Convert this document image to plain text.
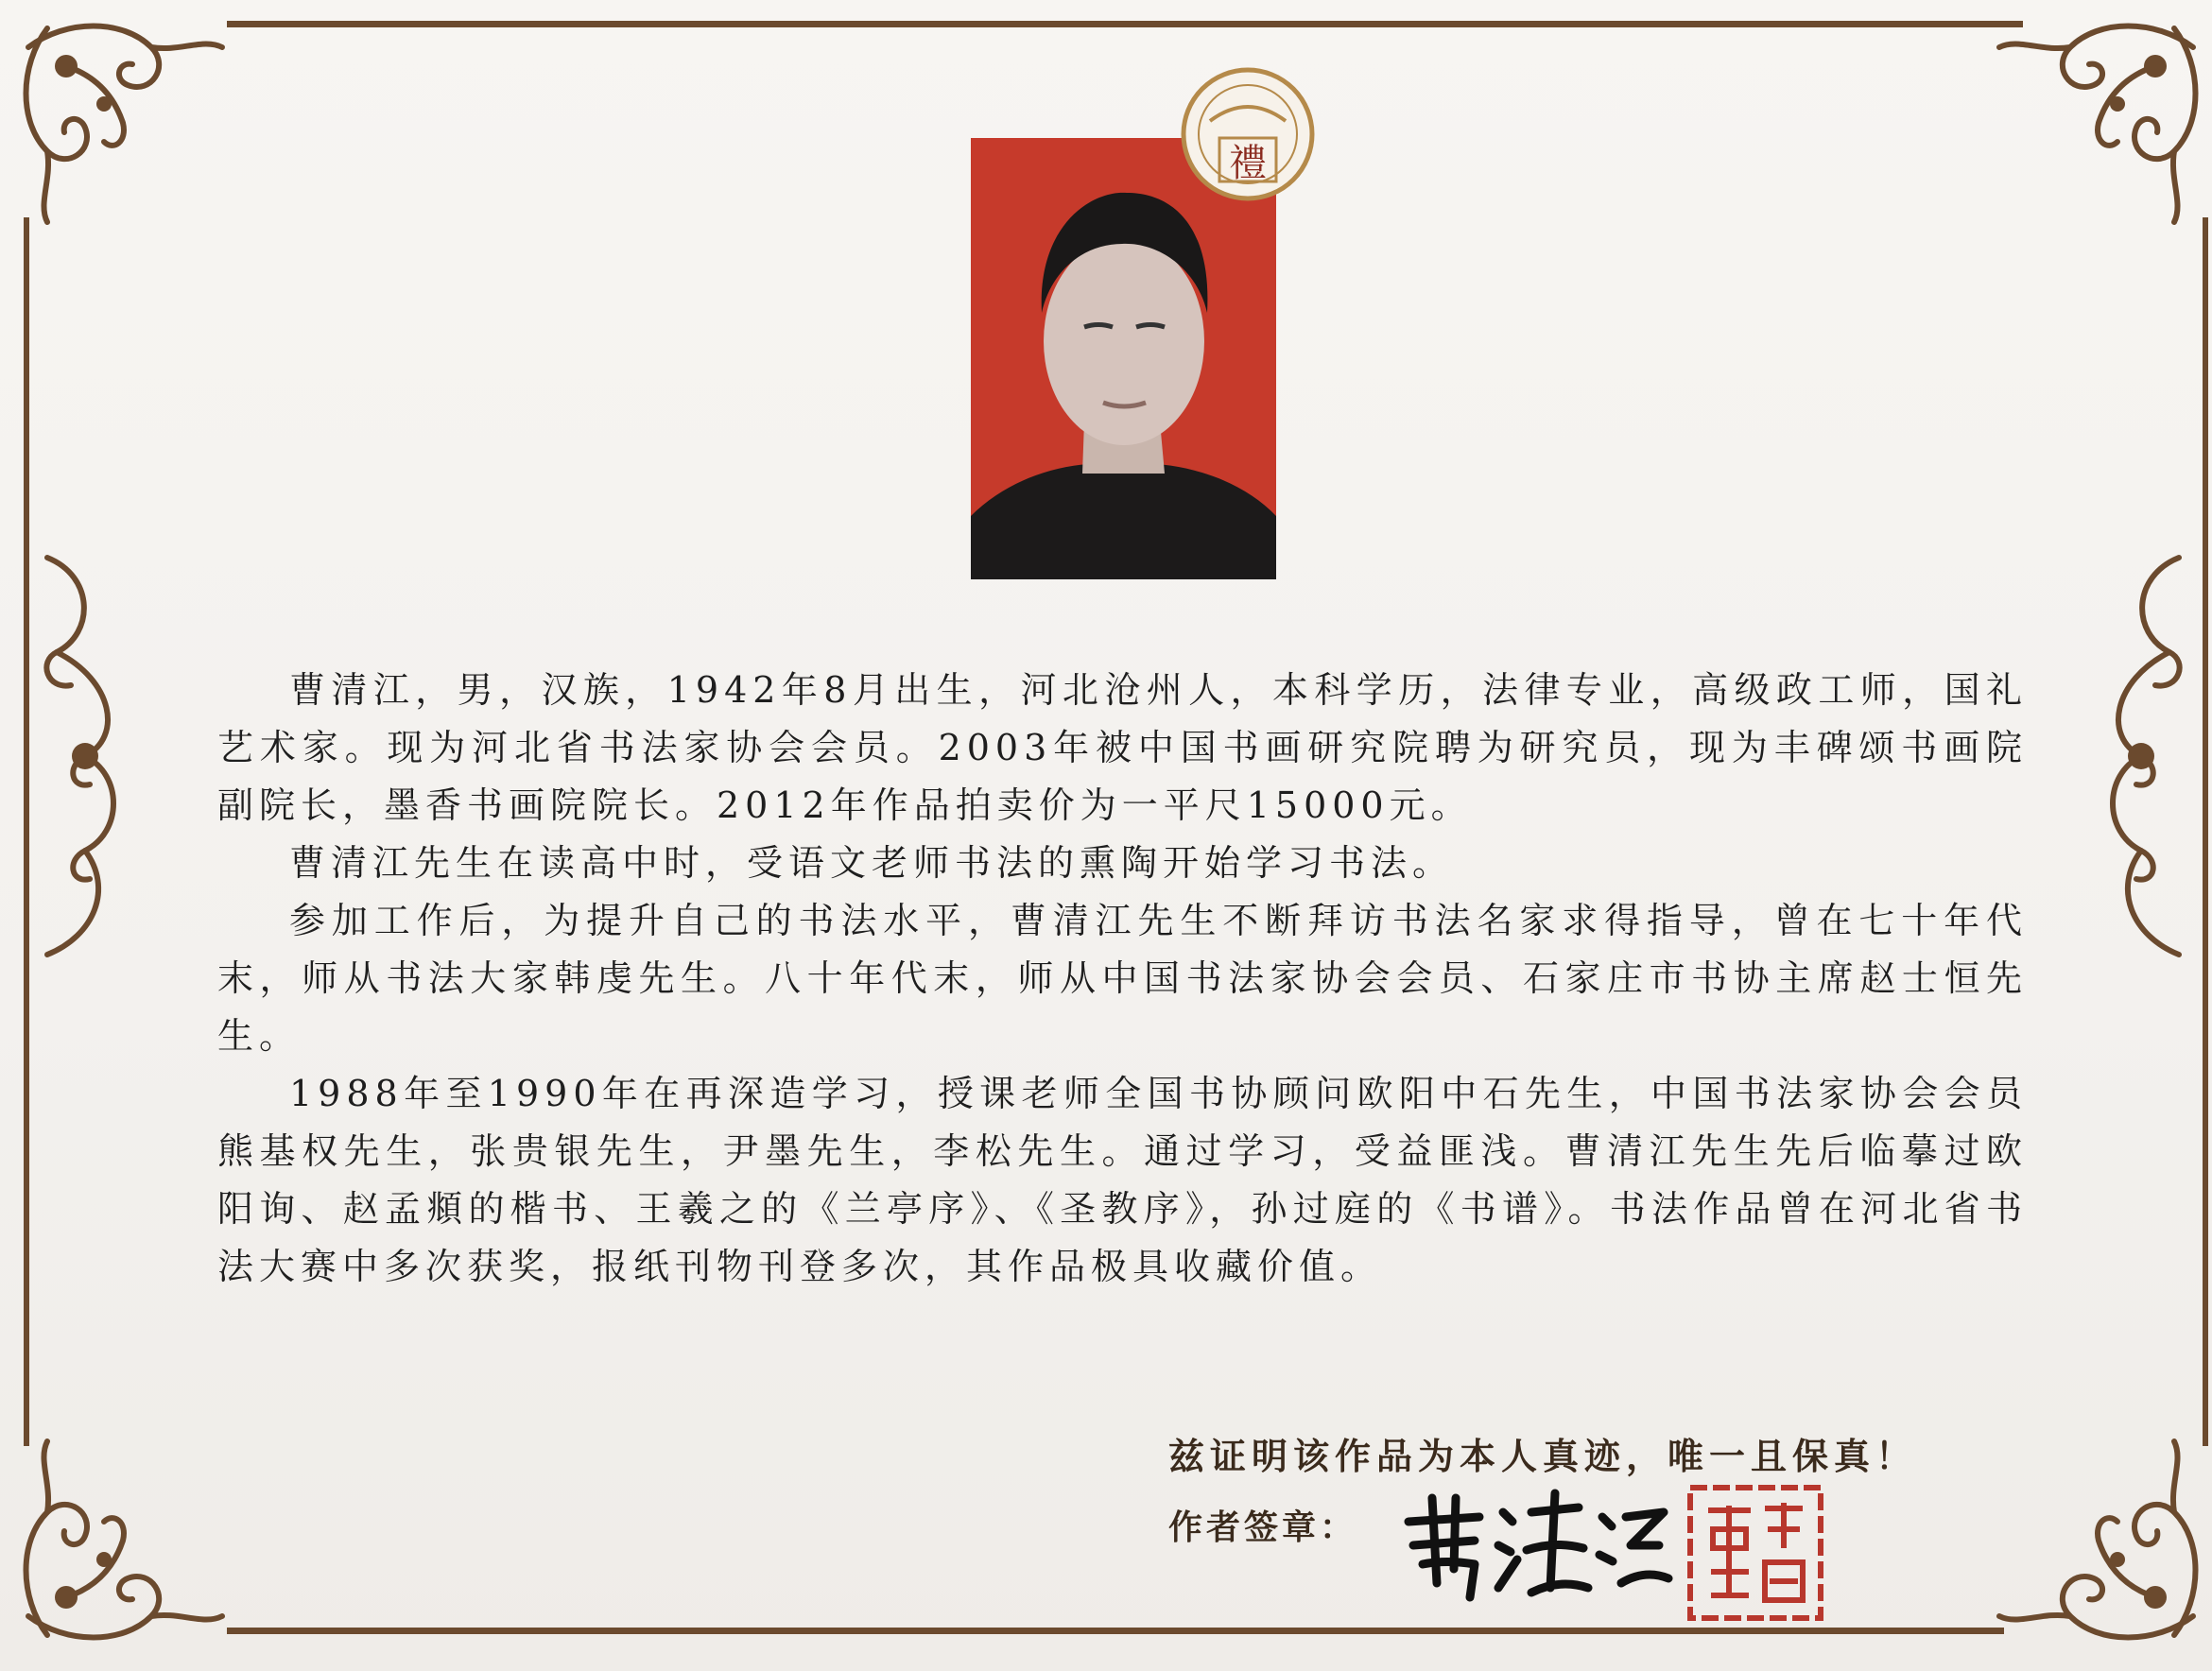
禮

曹清江，男，汉族，1942年8月出生，河北沧州人，本科学历，法律专业，高级政工师，国礼艺术家。现为河北省书法家协会会员。2003年被中国书画研究院聘为研究员，现为丰碑颂书画院副院长，墨香书画院院长。2012年作品拍卖价为一平尺15000元。

曹清江先生在读高中时，受语文老师书法的熏陶开始学习书法。

参加工作后，为提升自己的书法水平，曹清江先生不断拜访书法名家求得指导，曾在七十年代末，师从书法大家韩虔先生。八十年代末，师从中国书法家协会会员、石家庄市书协主席赵士恒先生。

1988年至1990年在再深造学习，授课老师全国书协顾问欧阳中石先生，中国书法家协会会员熊基权先生，张贵银先生，尹墨先生，李松先生。通过学习，受益匪浅。曹清江先生先后临摹过欧阳询、赵孟頫的楷书、王羲之的《兰亭序》、《圣教序》，孙过庭的《书谱》。书法作品曾在河北省书法大赛中多次获奖，报纸刊物刊登多次，其作品极具收藏价值。

兹证明该作品为本人真迹，唯一且保真！
作者签章：
